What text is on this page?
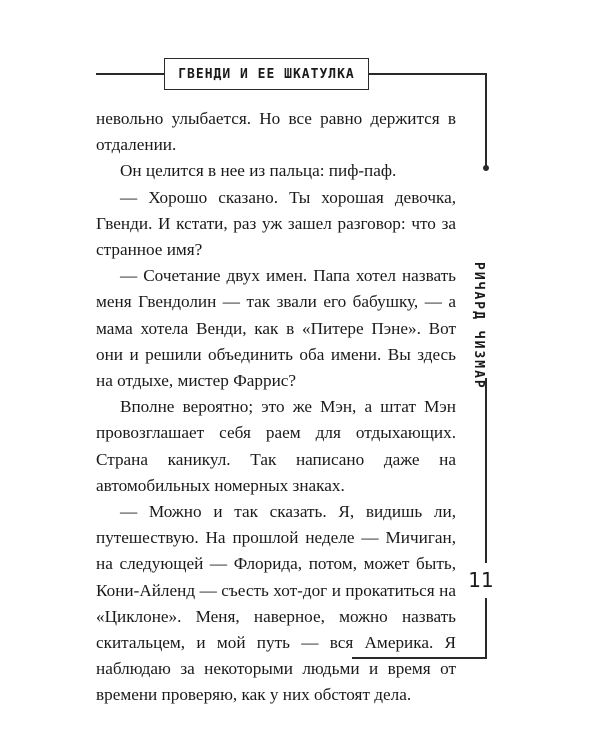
ГВЕНДИ И ЕЕ ШКАТУЛКА
РИЧАРД ЧИЗМАР
11

невольно улыбается. Но все равно держится в отдалении.

Он целится в нее из пальца: пиф-паф.

— Хорошо сказано. Ты хорошая девочка, Гвенди. И кстати, раз уж зашел разговор: что за странное имя?

— Сочетание двух имен. Папа хотел назвать меня Гвендолин — так звали его бабушку, — а мама хотела Венди, как в «Питере Пэне». Вот они и решили объединить оба имени. Вы здесь на отдыхе, мистер Фаррис?

Вполне вероятно; это же Мэн, а штат Мэн провозглашает себя раем для отдыхающих. Страна каникул. Так написано даже на автомобильных номерных знаках.

— Можно и так сказать. Я, видишь ли, путешествую. На прошлой неделе — Мичиган, на следующей — Флорида, потом, может быть, Кони-Айленд — съесть хот-дог и прокатиться на «Циклоне». Меня, наверное, можно назвать скитальцем, и мой путь — вся Америка. Я наблюдаю за некоторыми людьми и время от времени проверяю, как у них обстоят дела.
